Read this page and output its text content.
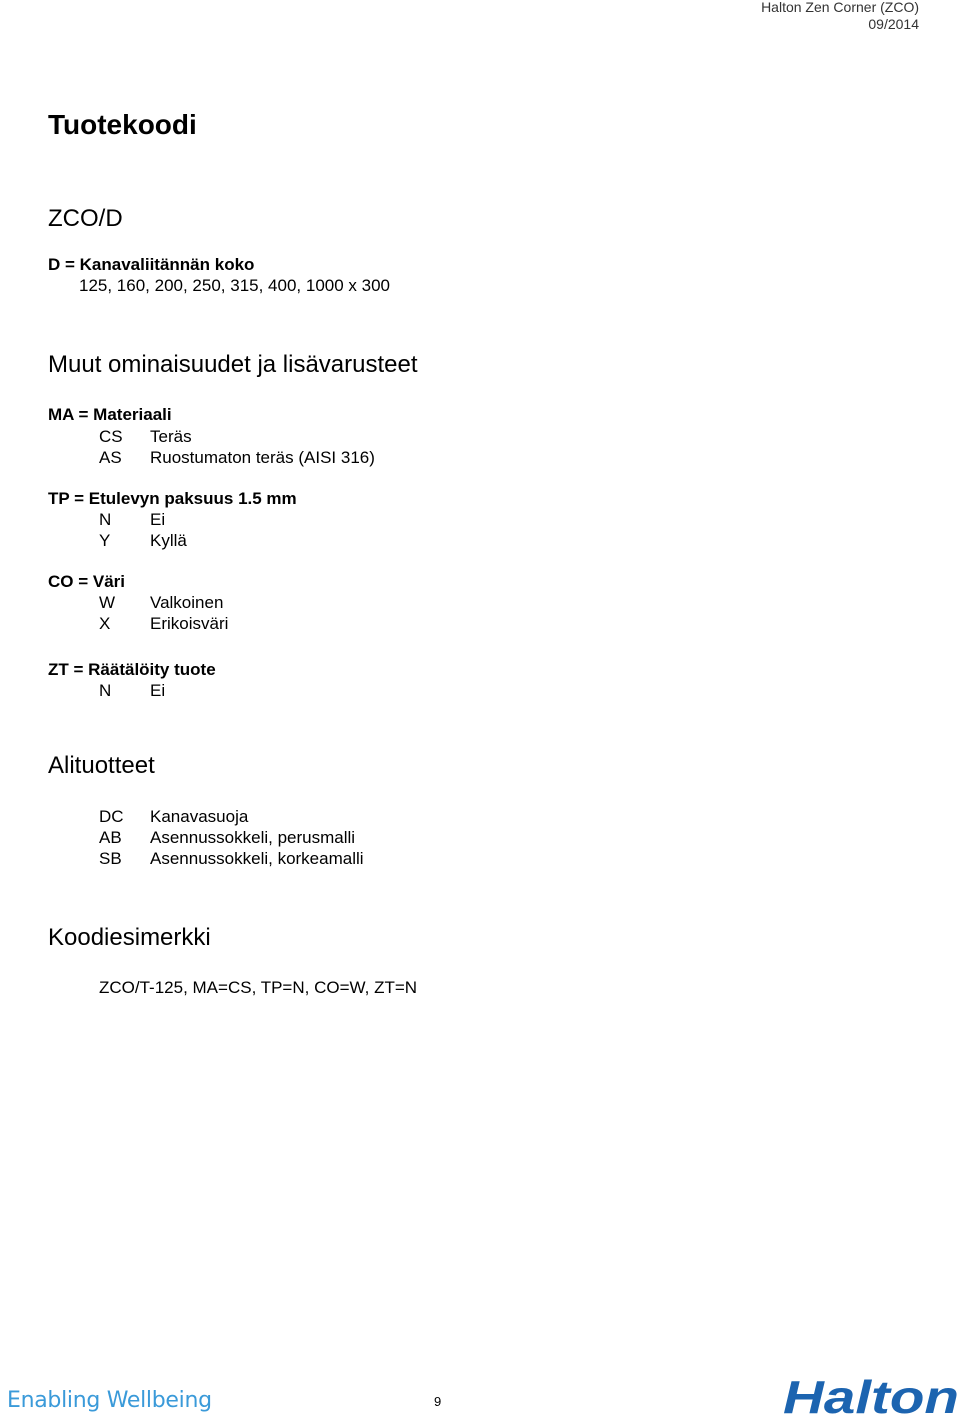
Halton Zen Corner (ZCO)
09/2014
Tuotekoodi
ZCO/D
D = Kanavaliitännän koko
125, 160, 200, 250, 315, 400, 1000 x 300
Muut ominaisuudet ja lisävarusteet
MA = Materiaali
CS Teräs
AS Ruostumaton teräs (AISI 316)
TP = Etulevyn paksuus 1.5 mm
N Ei
Y Kyllä
CO = Väri
W Valkoinen
X Erikoisväri
ZT = Räätälöity tuote
N Ei
Alituotteet
DC Kanavasuoja
AB Asennussokkeli, perusmalli
SB Asennussokkeli, korkeamalli
Koodiesimerkki
ZCO/T-125, MA=CS, TP=N, CO=W, ZT=N
Enabling Wellbeing	9	Halton
